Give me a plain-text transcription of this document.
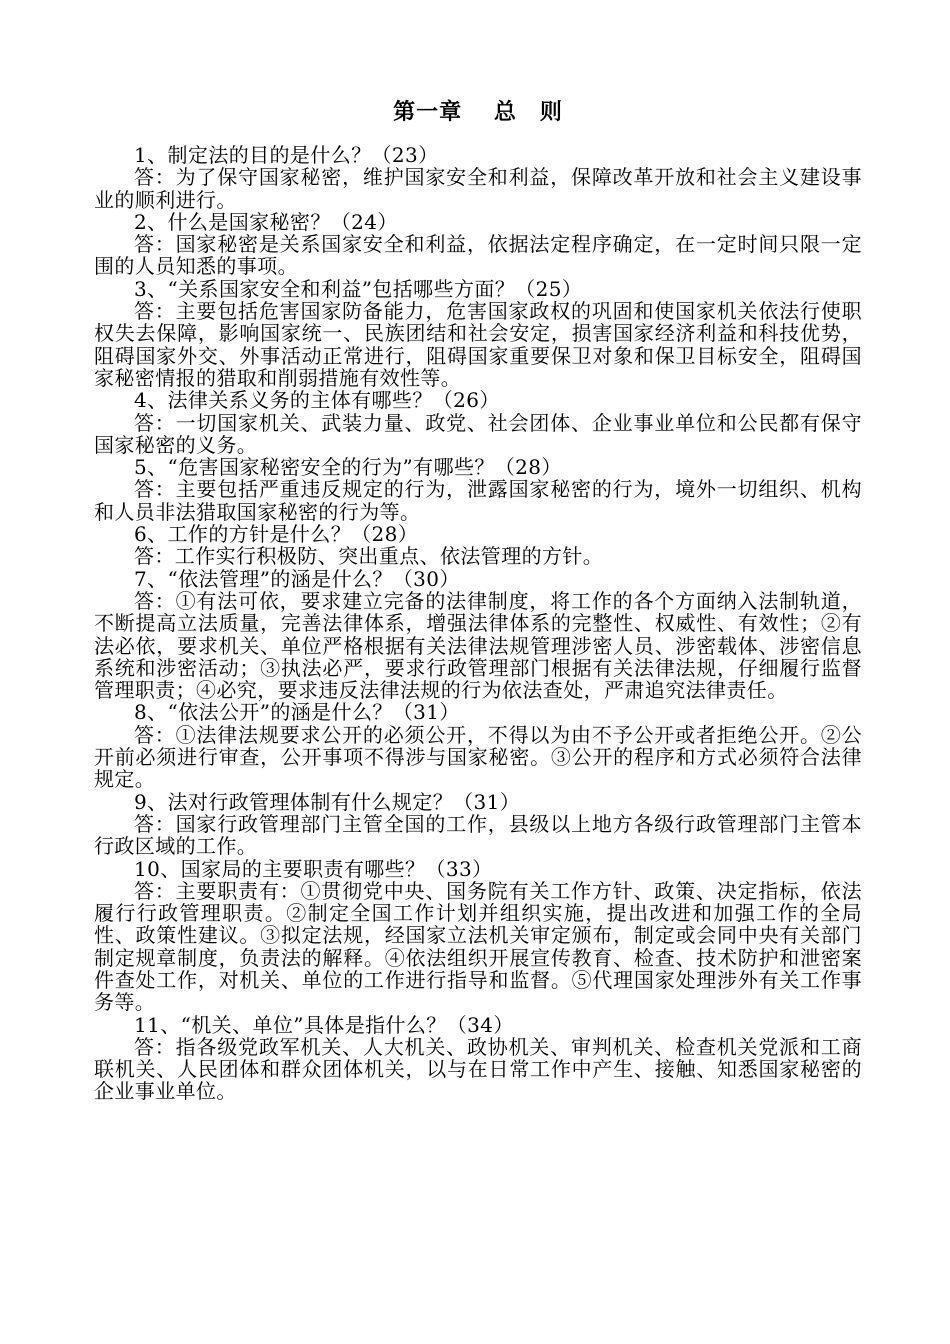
第一章　 总　则

1、制定法的目的是什么？（23）

答：为了保守国家秘密，维护国家安全和利益，保障改革开放和社会主义建设事业的顺利进行。

2、什么是国家秘密？（24）

答：国家秘密是关系国家安全和利益，依据法定程序确定，在一定时间只限一定围的人员知悉的事项。

3、“关系国家安全和利益”包括哪些方面？（25）

答：主要包括危害国家防备能力，危害国家政权的巩固和使国家机关依法行使职权失去保障，影响国家统一、民族团结和社会安定，损害国家经济利益和科技优势，阻碍国家外交、外事活动正常进行，阻碍国家重要保卫对象和保卫目标安全，阻碍国家秘密情报的猎取和削弱措施有效性等。

4、法律关系义务的主体有哪些？（26）

答：一切国家机关、武装力量、政党、社会团体、企业事业单位和公民都有保守国家秘密的义务。

5、“危害国家秘密安全的行为”有哪些？（28）

答：主要包括严重违反规定的行为，泄露国家秘密的行为，境外一切组织、机构和人员非法猎取国家秘密的行为等。

6、工作的方针是什么？（28）

答：工作实行积极防、突出重点、依法管理的方针。

7、“依法管理”的涵是什么？（30）

答：①有法可依，要求建立完备的法律制度，将工作的各个方面纳入法制轨道，不断提高立法质量，完善法律体系，增强法律体系的完整性、权威性、有效性；②有法必依，要求机关、单位严格根据有关法律法规管理涉密人员、涉密载体、涉密信息系统和涉密活动；③执法必严，要求行政管理部门根据有关法律法规，仔细履行监督管理职责；④必究，要求违反法律法规的行为依法查处，严肃追究法律责任。

8、“依法公开”的涵是什么？（31）

答：①法律法规要求公开的必须公开，不得以为由不予公开或者拒绝公开。②公开前必须进行审查，公开事项不得涉与国家秘密。③公开的程序和方式必须符合法律规定。

9、法对行政管理体制有什么规定？（31）

答：国家行政管理部门主管全国的工作，县级以上地方各级行政管理部门主管本行政区域的工作。

10、国家局的主要职责有哪些？（33）

答：主要职责有：①贯彻党中央、国务院有关工作方针、政策、决定指标，依法履行行政管理职责。②制定全国工作计划并组织实施，提出改进和加强工作的全局性、政策性建议。③拟定法规，经国家立法机关审定颁布，制定或会同中央有关部门制定规章制度，负责法的解释。④依法组织开展宣传教育、检查、技术防护和泄密案件查处工作，对机关、单位的工作进行指导和监督。⑤代理国家处理涉外有关工作事务等。

11、“机关、单位”具体是指什么？（34）

答：指各级党政军机关、人大机关、政协机关、审判机关、检查机关党派和工商联机关、人民团体和群众团体机关，以与在日常工作中产生、接触、知悉国家秘密的企业事业单位。
